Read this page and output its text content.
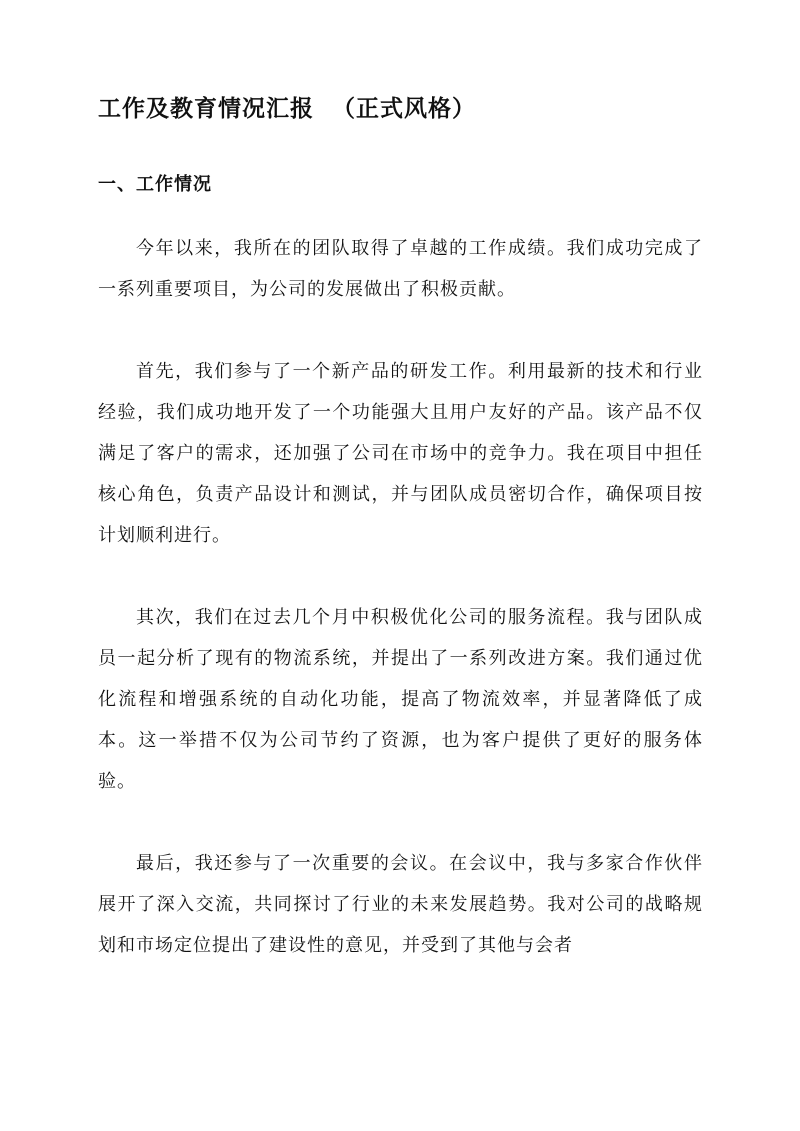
工作及教育情况汇报 （正式风格）
一、工作情况

今年以来，我所在的团队取得了卓越的工作成绩。我们成功完成了一系列重要项目，为公司的发展做出了积极贡献。

首先，我们参与了一个新产品的研发工作。利用最新的技术和行业经验，我们成功地开发了一个功能强大且用户友好的产品。该产品不仅满足了客户的需求，还加强了公司在市场中的竞争力。我在项目中担任核心角色，负责产品设计和测试，并与团队成员密切合作，确保项目按计划顺利进行。

其次，我们在过去几个月中积极优化公司的服务流程。我与团队成员一起分析了现有的物流系统，并提出了一系列改进方案。我们通过优化流程和增强系统的自动化功能，提高了物流效率，并显著降低了成本。这一举措不仅为公司节约了资源，也为客户提供了更好的服务体验。

最后，我还参与了一次重要的会议。在会议中，我与多家合作伙伴展开了深入交流，共同探讨了行业的未来发展趋势。我对公司的战略规划和市场定位提出了建设性的意见，并受到了其他与会者
